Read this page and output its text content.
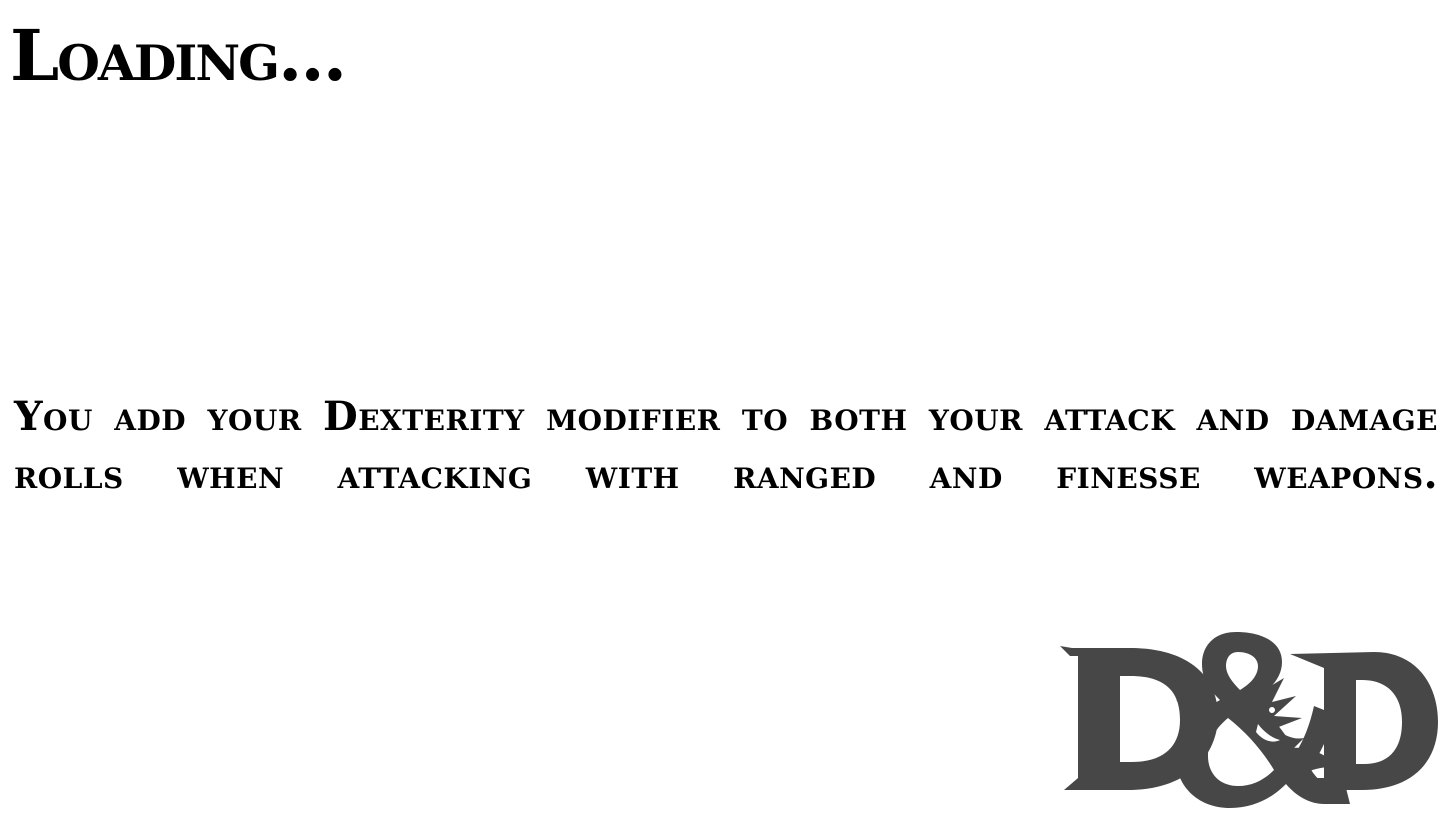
Loading...

You add your Dexterity modifier to both your attack and damage rolls when attacking with ranged and finesse weapons.
